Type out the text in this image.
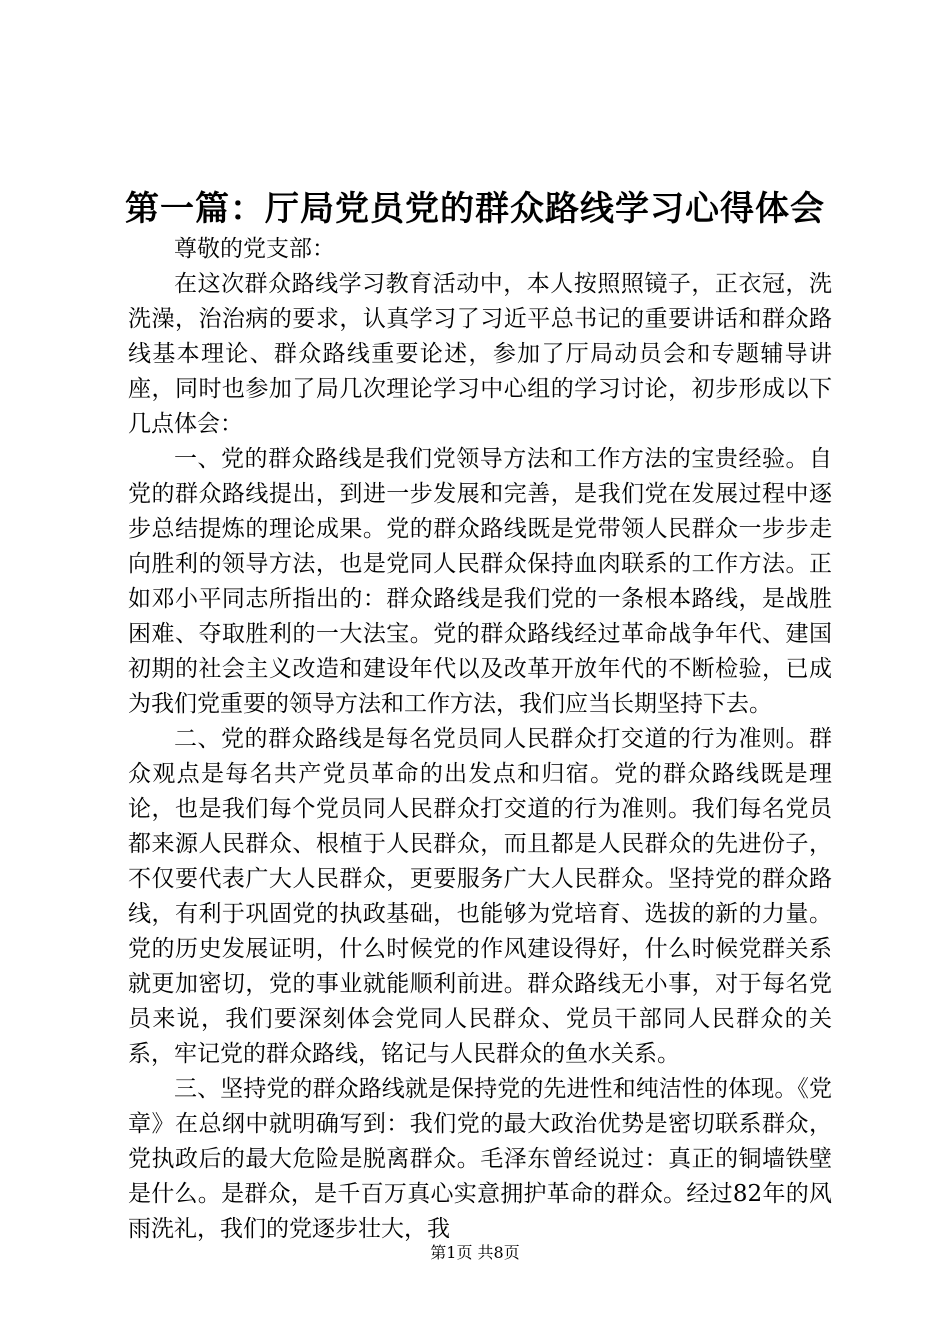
第一篇：厅局党员党的群众路线学习心得体会

尊敬的党支部：

在这次群众路线学习教育活动中，本人按照照镜子，正衣冠，洗洗澡，治治病的要求，认真学习了习近平总书记的重要讲话和群众路线基本理论、群众路线重要论述，参加了厅局动员会和专题辅导讲座，同时也参加了局几次理论学习中心组的学习讨论，初步形成以下几点体会：

一、党的群众路线是我们党领导方法和工作方法的宝贵经验。自党的群众路线提出，到进一步发展和完善，是我们党在发展过程中逐步总结提炼的理论成果。党的群众路线既是党带领人民群众一步步走向胜利的领导方法，也是党同人民群众保持血肉联系的工作方法。正如邓小平同志所指出的：群众路线是我们党的一条根本路线，是战胜困难、夺取胜利的一大法宝。党的群众路线经过革命战争年代、建国初期的社会主义改造和建设年代以及改革开放年代的不断检验，已成为我们党重要的领导方法和工作方法，我们应当长期坚持下去。

二、党的群众路线是每名党员同人民群众打交道的行为准则。群众观点是每名共产党员革命的出发点和归宿。党的群众路线既是理论，也是我们每个党员同人民群众打交道的行为准则。我们每名党员都来源人民群众、根植于人民群众，而且都是人民群众的先进份子，不仅要代表广大人民群众，更要服务广大人民群众。坚持党的群众路线，有利于巩固党的执政基础，也能够为党培育、选拔的新的力量。党的历史发展证明，什么时候党的作风建设得好，什么时候党群关系就更加密切，党的事业就能顺利前进。群众路线无小事，对于每名党员来说，我们要深刻体会党同人民群众、党员干部同人民群众的关系，牢记党的群众路线，铭记与人民群众的鱼水关系。

三、坚持党的群众路线就是保持党的先进性和纯洁性的体现。《党章》在总纲中就明确写到：我们党的最大政治优势是密切联系群众，党执政后的最大危险是脱离群众。毛泽东曾经说过：真正的铜墙铁壁是什么。是群众，是千百万真心实意拥护革命的群众。经过82年的风雨洗礼，我们的党逐步壮大，我

第1页 共8页
